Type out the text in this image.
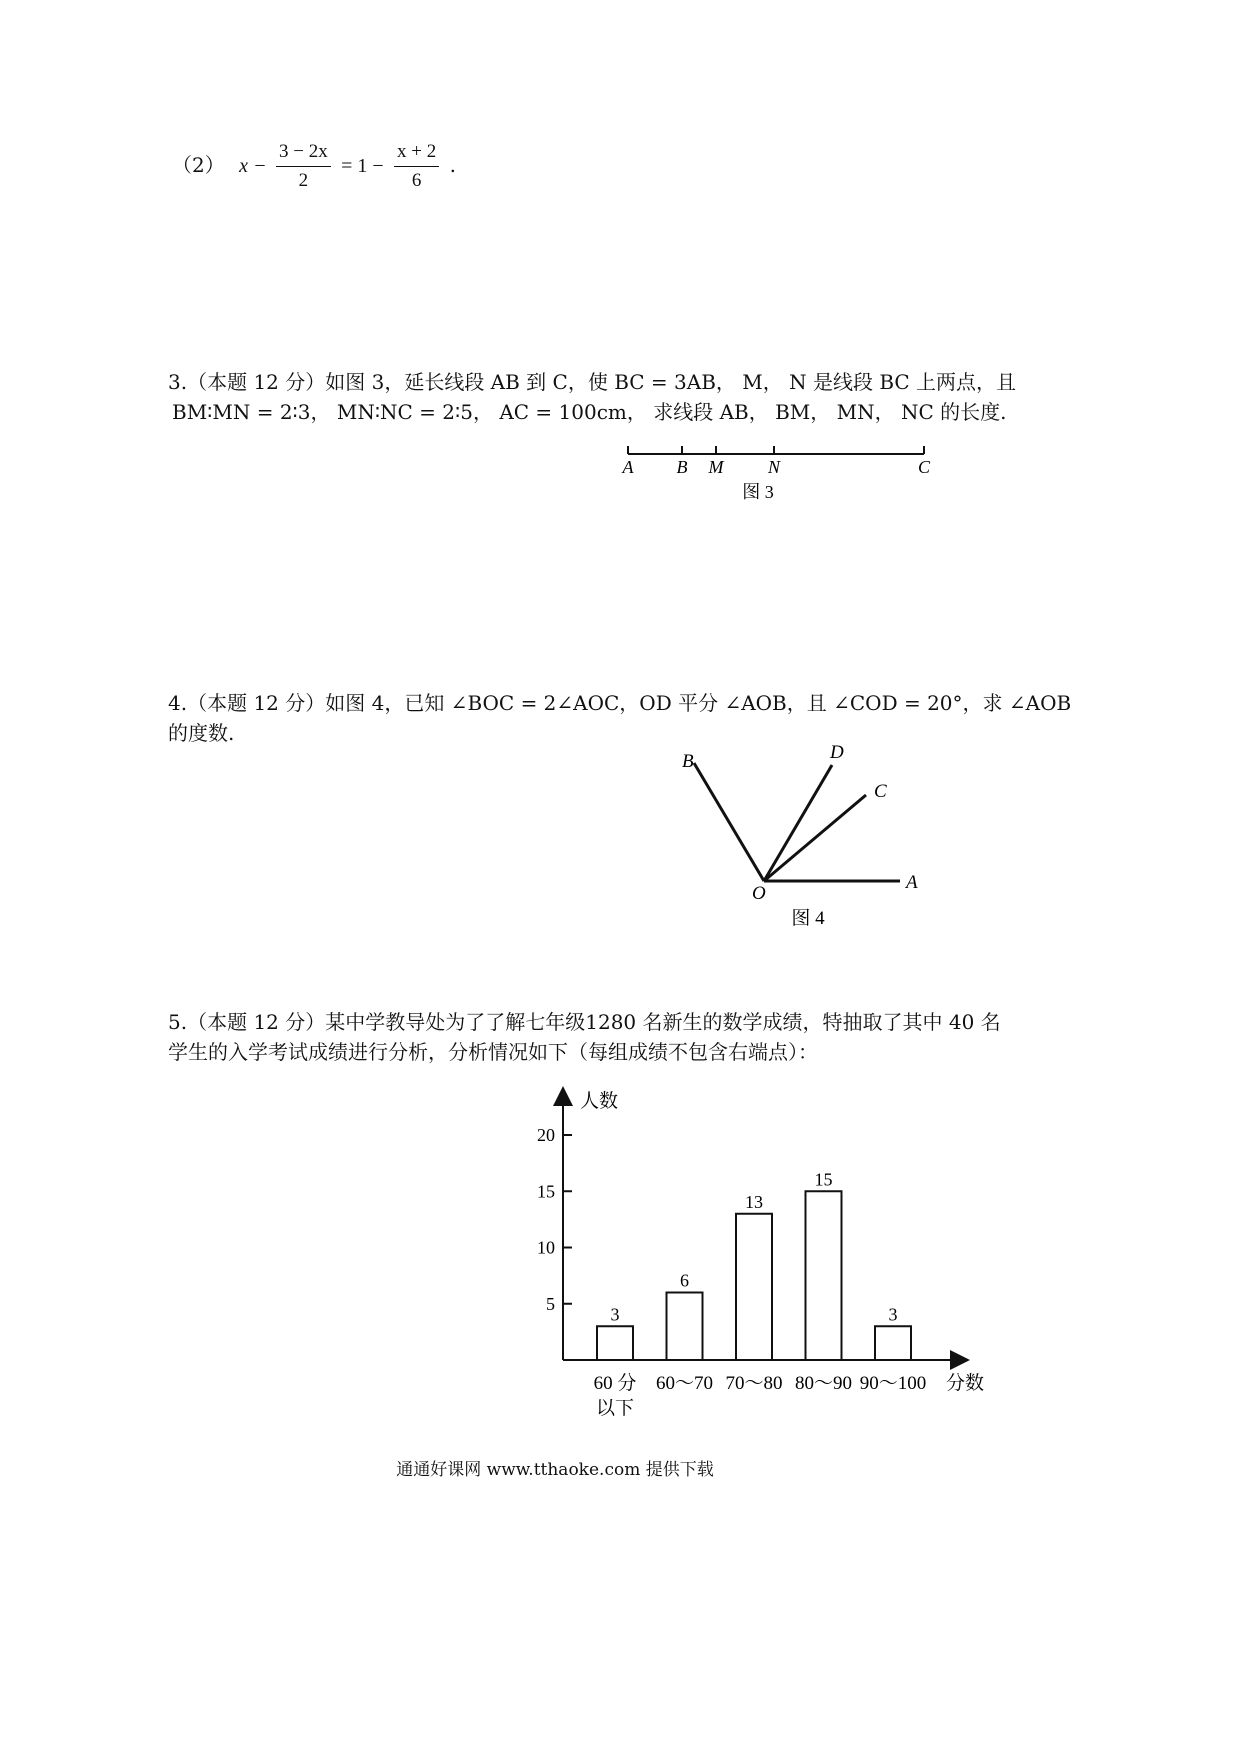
（2） $x - \frac{3 - 2x}{2} = 1 - \frac{x + 2}{6}$ .
3.（本题 12 分）如图 3，延长线段 AB 到 C，使 BC = 3AB， M， N 是线段 BC 上两点，且
BM∶MN = 2∶3， MN∶NC = 2∶5， AC = 100cm， 求线段 AB， BM， MN， NC 的长度.
A B M N	C
图 3
4.（本题 12 分）如图 4，已知 ∠BOC = 2∠AOC，OD 平分 ∠AOB，且 ∠COD = 20°，求 ∠AOB
的度数.
B	D
C
O
A
图 4
5.（本题 12 分）某中学教导处为了了解七年级1280 名新生的数学成绩，特抽取了其中 40 名
学生的入学考试成绩进行分析，分析情况如下（每组成绩不包含右端点）：
人数
分数
5
10
15
20
3
6
13
15
3
60 分
以下
60～70 70～80 80～90 90～100
通通好课网 www.tthaoke.com 提供下载
